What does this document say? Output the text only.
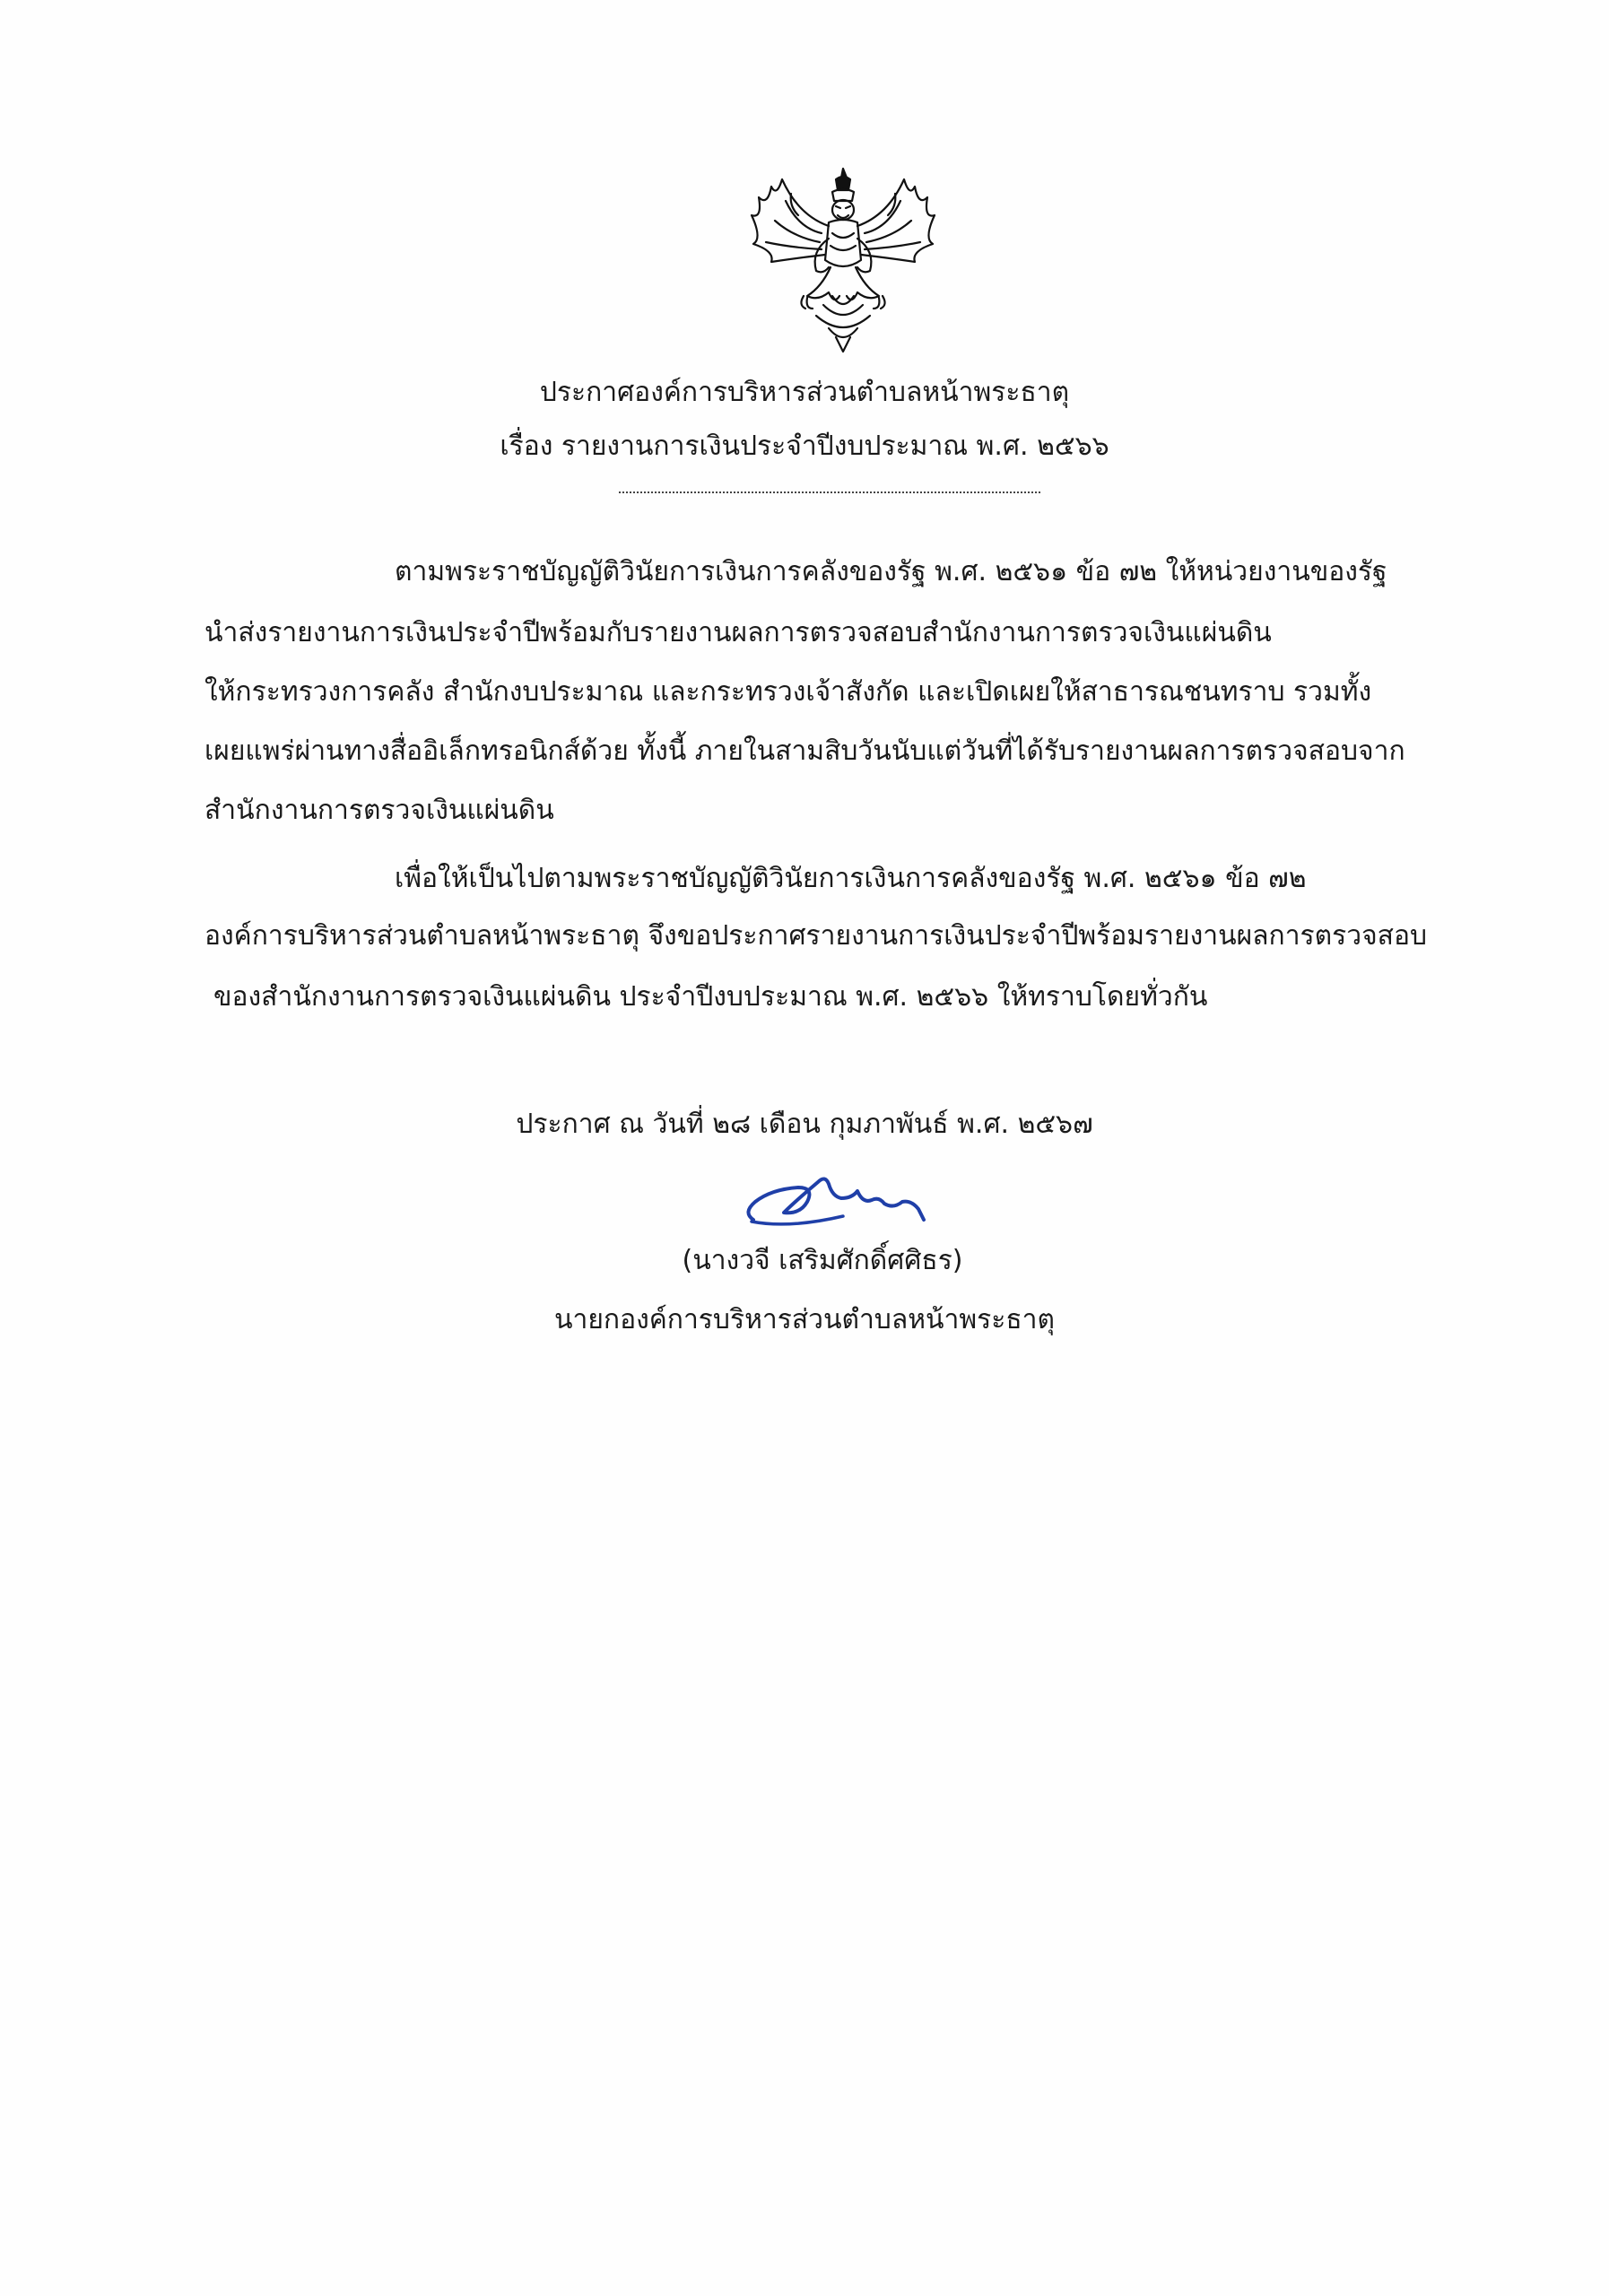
ประกาศองค์การบริหารส่วนตำบลหน้าพระธาตุ
เรื่อง รายงานการเงินประจำปีงบประมาณ พ.ศ. ๒๕๖๖
ตามพระราชบัญญัติวินัยการเงินการคลังของรัฐ พ.ศ. ๒๕๖๑ ข้อ ๗๒ ให้หน่วยงานของรัฐ
นำส่งรายงานการเงินประจำปีพร้อมกับรายงานผลการตรวจสอบสำนักงานการตรวจเงินแผ่นดิน
ให้กระทรวงการคลัง สำนักงบประมาณ และกระทรวงเจ้าสังกัด และเปิดเผยให้สาธารณชนทราบ รวมทั้ง
เผยแพร่ผ่านทางสื่ออิเล็กทรอนิกส์ด้วย ทั้งนี้ ภายในสามสิบวันนับแต่วันที่ได้รับรายงานผลการตรวจสอบจาก
สำนักงานการตรวจเงินแผ่นดิน
เพื่อให้เป็นไปตามพระราชบัญญัติวินัยการเงินการคลังของรัฐ พ.ศ. ๒๕๖๑ ข้อ ๗๒
องค์การบริหารส่วนตำบลหน้าพระธาตุ จึงขอประกาศรายงานการเงินประจำปีพร้อมรายงานผลการตรวจสอบ
ของสำนักงานการตรวจเงินแผ่นดิน ประจำปีงบประมาณ พ.ศ. ๒๕๖๖ ให้ทราบโดยทั่วกัน
ประกาศ ณ วันที่ ๒๘ เดือน กุมภาพันธ์ พ.ศ. ๒๕๖๗
(นางวจี เสริมศักดิ์ศศิธร)
นายกองค์การบริหารส่วนตำบลหน้าพระธาตุ
